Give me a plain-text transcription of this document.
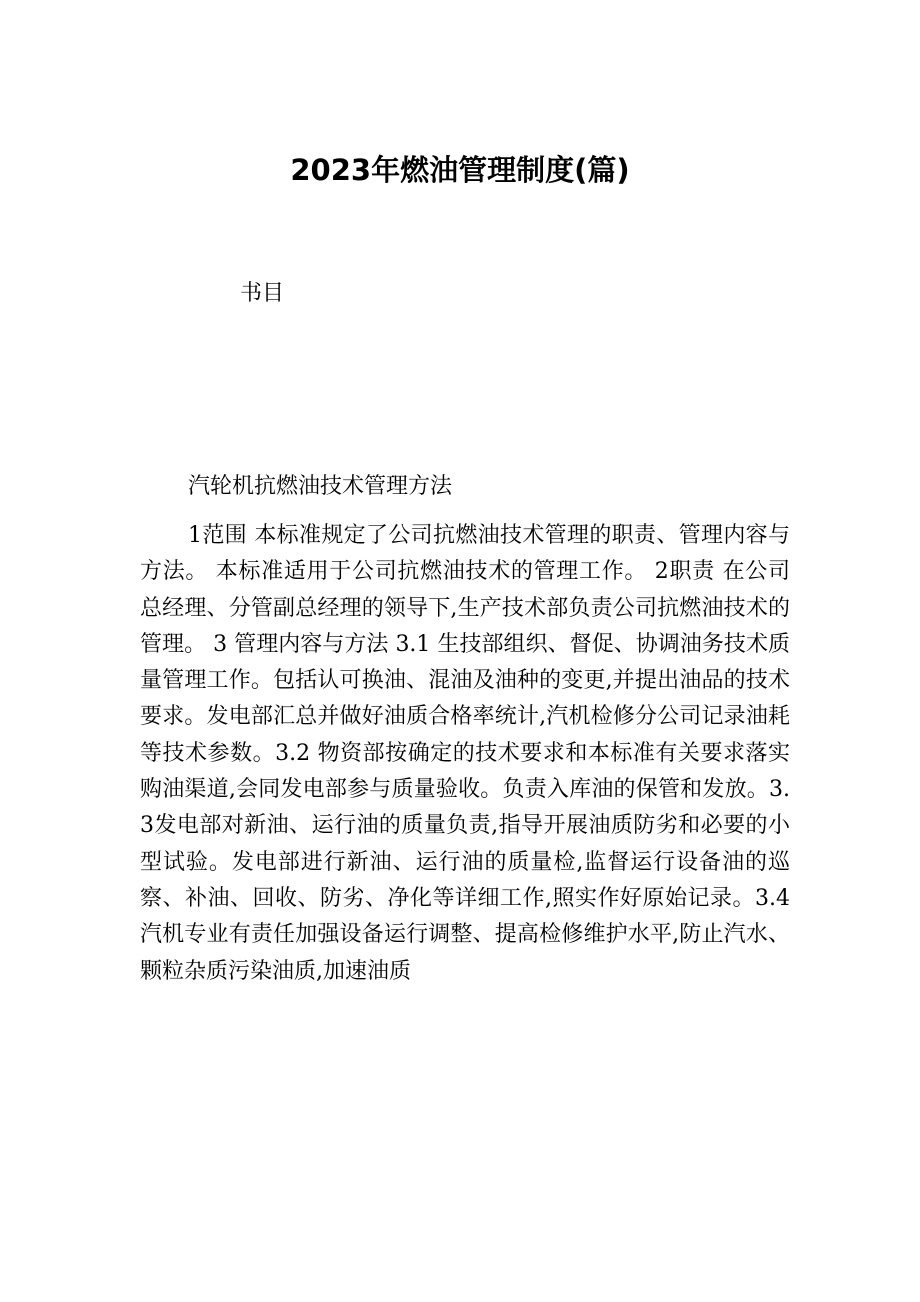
2023年燃油管理制度(篇)
书目
汽轮机抗燃油技术管理方法

1范围 本标准规定了公司抗燃油技术管理的职责、管理内容与方法。 本标准适用于公司抗燃油技术的管理工作。 2职责 在公司总经理、分管副总经理的领导下,生产技术部负责公司抗燃油技术的管理。 3 管理内容与方法 3.1 生技部组织、督促、协调油务技术质量管理工作。包括认可换油、混油及油种的变更,并提出油品的技术要求。发电部汇总并做好油质合格率统计,汽机检修分公司记录油耗等技术参数。3.2 物资部按确定的技术要求和本标准有关要求落实购油渠道,会同发电部参与质量验收。负责入库油的保管和发放。3.3发电部对新油、运行油的质量负责,指导开展油质防劣和必要的小型试验。发电部进行新油、运行油的质量检,监督运行设备油的巡察、补油、回收、防劣、净化等详细工作,照实作好原始记录。3.4汽机专业有责任加强设备运行调整、提高检修维护水平,防止汽水、颗粒杂质污染油质,加速油质
